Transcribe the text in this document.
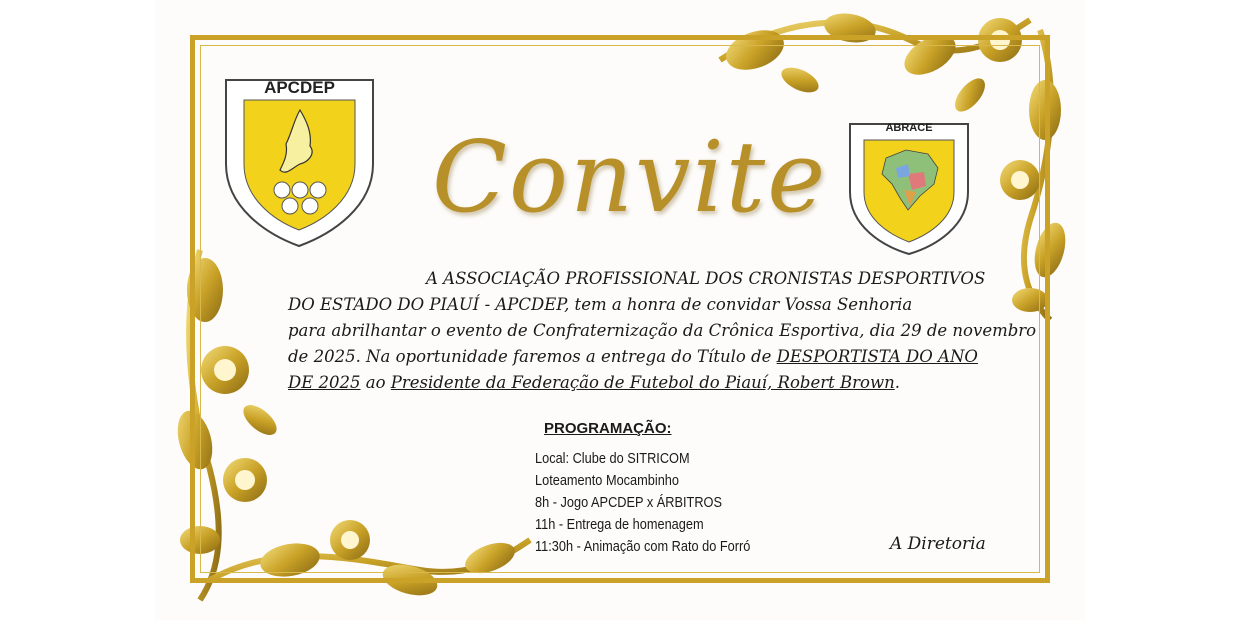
APCDEP
ABRACE
Convite
A ASSOCIAÇÃO PROFISSIONAL DOS CRONISTAS DESPORTIVOS
DO ESTADO DO PIAUÍ - APCDEP, tem a honra de convidar Vossa Senhoria
para abrilhantar o evento de Confraternização da Crônica Esportiva, dia 29 de novembro
de 2025. Na oportunidade faremos a entrega do Título de DESPORTISTA DO ANO
DE 2025 ao Presidente da Federação de Futebol do Piauí, Robert Brown.
PROGRAMAÇÃO:
Local: Clube do SITRICOM
Loteamento Mocambinho
8h - Jogo APCDEP x ÁRBITROS
11h - Entrega de homenagem
11:30h - Animação com Rato do Forró	A Diretoria
